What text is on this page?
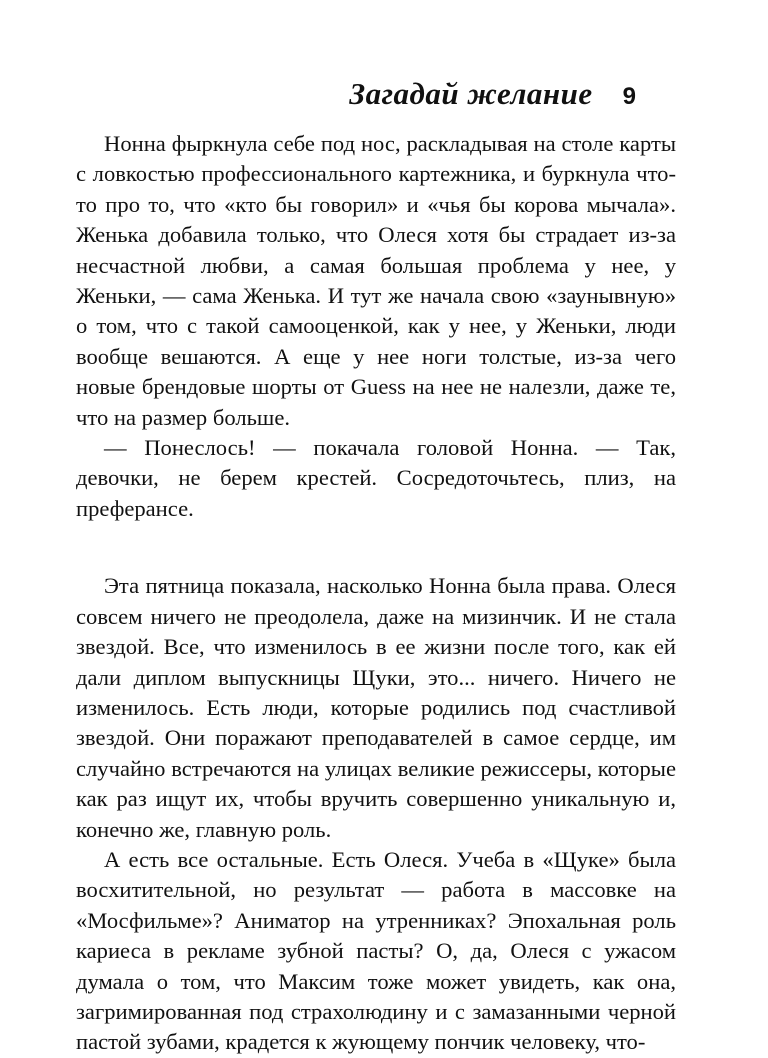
Загадай желание 9

Нонна фыркнула себе под нос, раскладывая на столе карты с ловкостью профессионального картежника, и буркнула что-то про то, что «кто бы говорил» и «чья бы корова мычала». Женька добавила только, что Олеся хотя бы страдает из-за несчастной любви, а самая большая проблема у нее, у Женьки, — сама Женька. И тут же начала свою «заунывную» о том, что с такой самооценкой, как у нее, у Женьки, люди вообще вешаются. А еще у нее ноги толстые, из-за чего новые брендовые шорты от Guess на нее не налезли, даже те, что на размер больше.

— Понеслось! — покачала головой Нонна. — Так, девочки, не берем крестей. Сосредоточьтесь, плиз, на преферансе.

Эта пятница показала, насколько Нонна была права. Олеся совсем ничего не преодолела, даже на мизинчик. И не стала звездой. Все, что изменилось в ее жизни после того, как ей дали диплом выпускницы Щуки, это... ничего. Ничего не изменилось. Есть люди, которые родились под счастливой звездой. Они поражают преподавателей в самое сердце, им случайно встречаются на улицах великие режиссеры, которые как раз ищут их, чтобы вручить совершенно уникальную и, конечно же, главную роль.

А есть все остальные. Есть Олеся. Учеба в «Щуке» была восхитительной, но результат — работа в массовке на «Мосфильме»? Аниматор на утренниках? Эпохальная роль кариеса в рекламе зубной пасты? О, да, Олеся с ужасом думала о том, что Максим тоже может увидеть, как она, загримированная под страхолюдину и с замазанными черной пастой зубами, крадется к жующему пончик человеку, что-
